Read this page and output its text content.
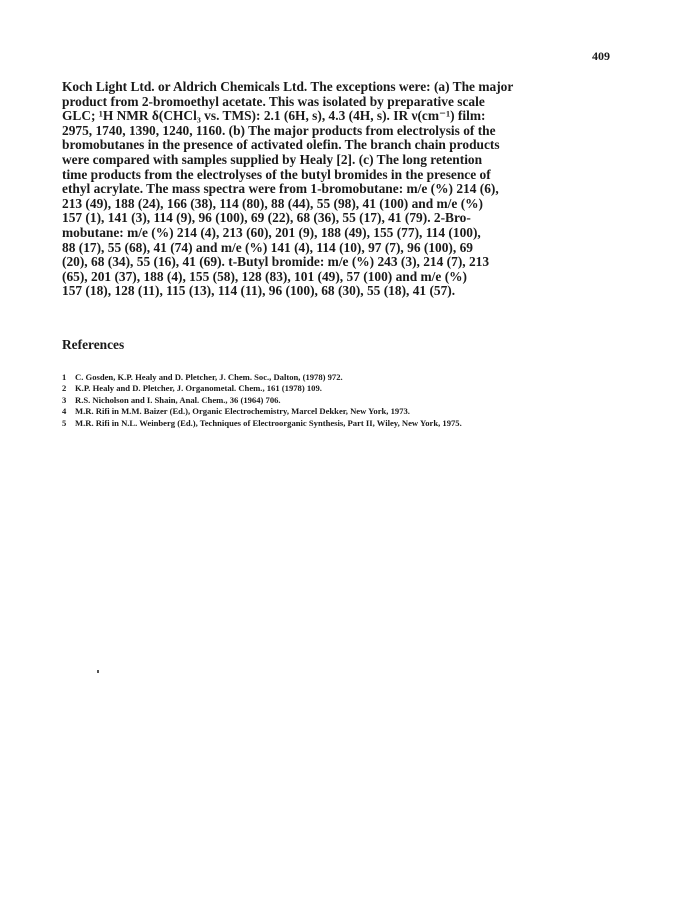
409

Koch Light Ltd. or Aldrich Chemicals Ltd. The exceptions were: (a) The major
product from 2-bromoethyl acetate. This was isolated by preparative scale
GLC; ¹H NMR δ(CHCl₃ vs. TMS): 2.1 (6H, s), 4.3 (4H, s). IR ν(cm⁻¹) film:
2975, 1740, 1390, 1240, 1160. (b) The major products from electrolysis of the
bromobutanes in the presence of activated olefin. The branch chain products
were compared with samples supplied by Healy [2]. (c) The long retention
time products from the electrolyses of the butyl bromides in the presence of
ethyl acrylate. The mass spectra were from 1-bromobutane: m/e (%) 214 (6),
213 (49), 188 (24), 166 (38), 114 (80), 88 (44), 55 (98), 41 (100) and m/e (%)
157 (1), 141 (3), 114 (9), 96 (100), 69 (22), 68 (36), 55 (17), 41 (79). 2-Bro-
mobutane: m/e (%) 214 (4), 213 (60), 201 (9), 188 (49), 155 (77), 114 (100),
88 (17), 55 (68), 41 (74) and m/e (%) 141 (4), 114 (10), 97 (7), 96 (100), 69
(20), 68 (34), 55 (16), 41 (69). t-Butyl bromide: m/e (%) 243 (3), 214 (7), 213
(65), 201 (37), 188 (4), 155 (58), 128 (83), 101 (49), 57 (100) and m/e (%)
157 (18), 128 (11), 115 (13), 114 (11), 96 (100), 68 (30), 55 (18), 41 (57).

References
1	C. Gosden, K.P. Healy and D. Pletcher, J. Chem. Soc., Dalton, (1978) 972.
2	K.P. Healy and D. Pletcher, J. Organometal. Chem., 161 (1978) 109.
3	R.S. Nicholson and I. Shain, Anal. Chem., 36 (1964) 706.
4	M.R. Rifi in M.M. Baizer (Ed.), Organic Electrochemistry, Marcel Dekker, New York, 1973.
5	M.R. Rifi in N.L. Weinberg (Ed.), Techniques of Electroorganic Synthesis, Part II, Wiley, New York, 1975.
